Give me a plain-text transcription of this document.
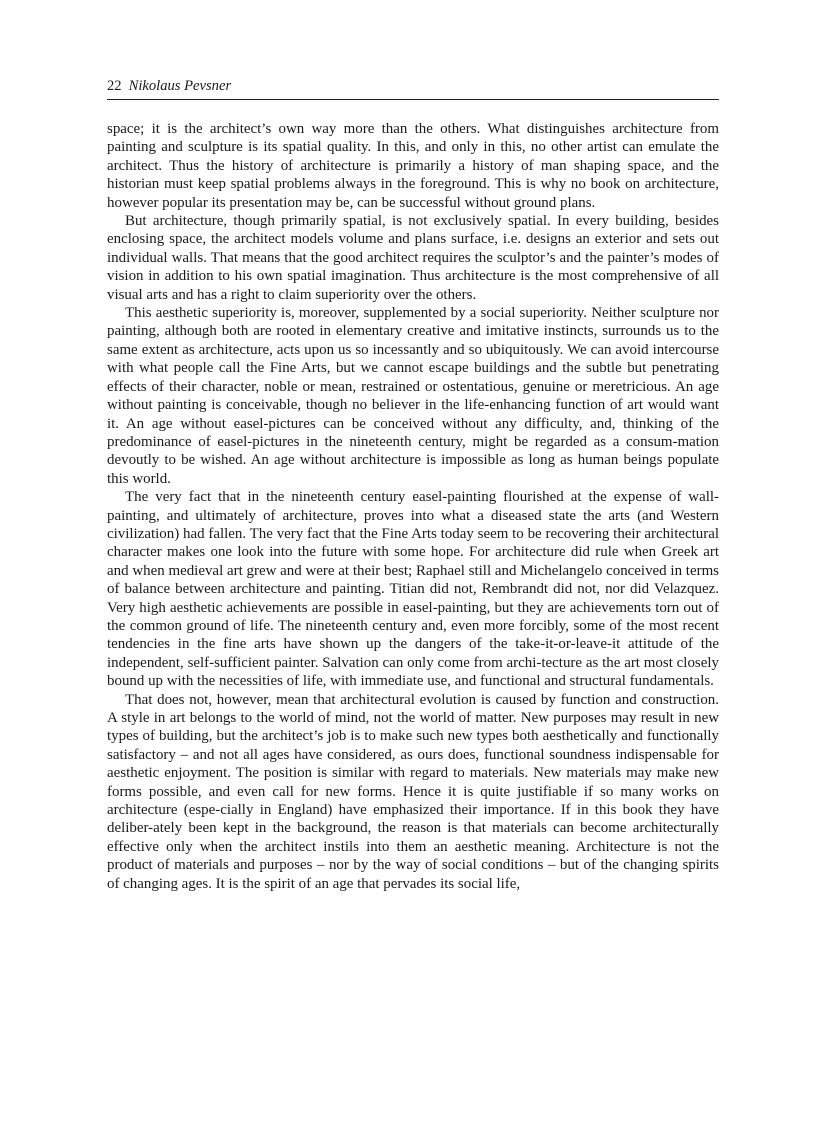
22 Nikolaus Pevsner

space; it is the architect’s own way more than the others. What distinguishes architecture from painting and sculpture is its spatial quality. In this, and only in this, no other artist can emulate the architect. Thus the history of architecture is primarily a history of man shaping space, and the historian must keep spatial problems always in the foreground. This is why no book on architecture, however popular its presentation may be, can be successful without ground plans.

But architecture, though primarily spatial, is not exclusively spatial. In every building, besides enclosing space, the architect models volume and plans surface, i.e. designs an exterior and sets out individual walls. That means that the good architect requires the sculptor’s and the painter’s modes of vision in addition to his own spatial imagination. Thus architecture is the most comprehensive of all visual arts and has a right to claim superiority over the others.

This aesthetic superiority is, moreover, supplemented by a social superiority. Neither sculpture nor painting, although both are rooted in elementary creative and imitative instincts, surrounds us to the same extent as architecture, acts upon us so incessantly and so ubiquitously. We can avoid intercourse with what people call the Fine Arts, but we cannot escape buildings and the subtle but penetrating effects of their character, noble or mean, restrained or ostentatious, genuine or meretricious. An age without painting is conceivable, though no believer in the life-enhancing function of art would want it. An age without easel-pictures can be conceived without any difficulty, and, thinking of the predominance of easel-pictures in the nineteenth century, might be regarded as a consum-mation devoutly to be wished. An age without architecture is impossible as long as human beings populate this world.

The very fact that in the nineteenth century easel-painting flourished at the expense of wall-painting, and ultimately of architecture, proves into what a diseased state the arts (and Western civilization) had fallen. The very fact that the Fine Arts today seem to be recovering their architectural character makes one look into the future with some hope. For architecture did rule when Greek art and when medieval art grew and were at their best; Raphael still and Michelangelo conceived in terms of balance between architecture and painting. Titian did not, Rembrandt did not, nor did Velazquez. Very high aesthetic achievements are possible in easel-painting, but they are achievements torn out of the common ground of life. The nineteenth century and, even more forcibly, some of the most recent tendencies in the fine arts have shown up the dangers of the take-it-or-leave-it attitude of the independent, self-sufficient painter. Salvation can only come from archi-tecture as the art most closely bound up with the necessities of life, with immediate use, and functional and structural fundamentals.

That does not, however, mean that architectural evolution is caused by function and construction. A style in art belongs to the world of mind, not the world of matter. New purposes may result in new types of building, but the architect’s job is to make such new types both aesthetically and functionally satisfactory – and not all ages have considered, as ours does, functional soundness indispensable for aesthetic enjoyment. The position is similar with regard to materials. New materials may make new forms possible, and even call for new forms. Hence it is quite justifiable if so many works on architecture (espe-cially in England) have emphasized their importance. If in this book they have deliber-ately been kept in the background, the reason is that materials can become architecturally effective only when the architect instils into them an aesthetic meaning. Architecture is not the product of materials and purposes – nor by the way of social conditions – but of the changing spirits of changing ages. It is the spirit of an age that pervades its social life,
